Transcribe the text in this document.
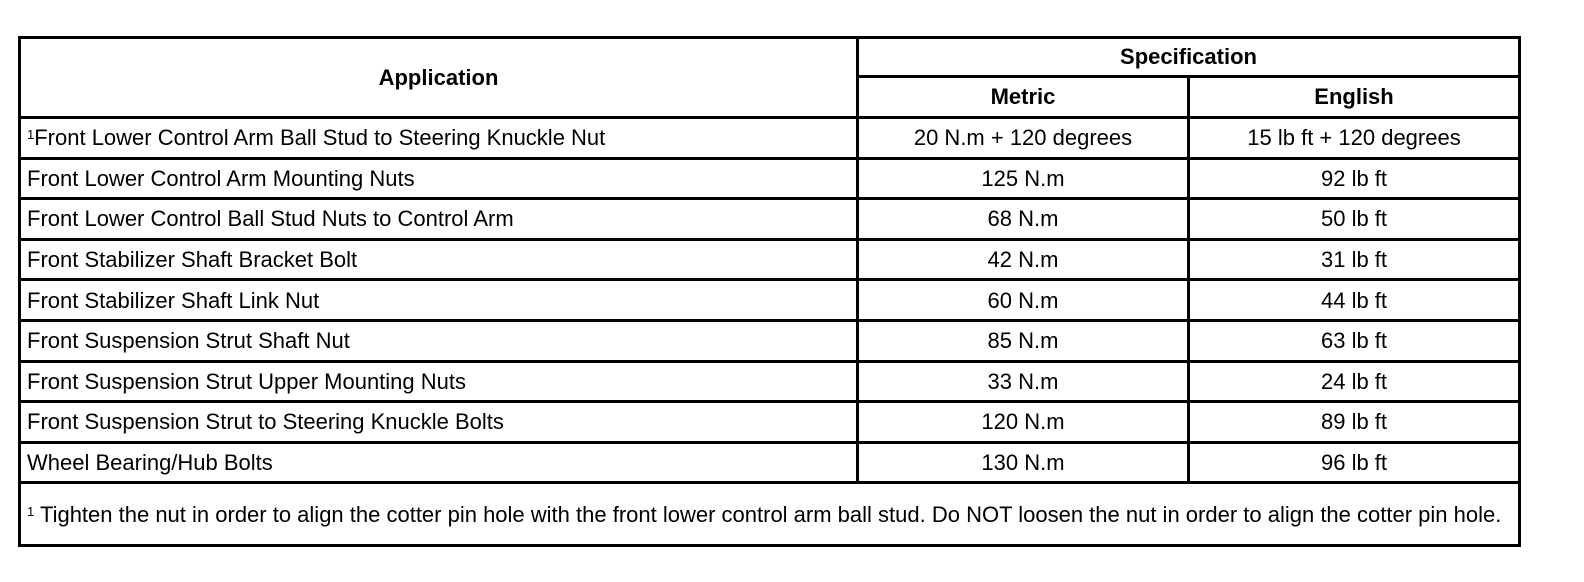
Application	Specification	
	Metric	English
$^1$Front Lower Control Arm Ball Stud to Steering Knuckle Nut	20 N.m + 120 degrees	15 lb ft + 120 degrees
Front Lower Control Arm Mounting Nuts	125 N.m	92 lb ft
Front Lower Control Ball Stud Nuts to Control Arm	68 N.m	50 lb ft
Front Stabilizer Shaft Bracket Bolt	42 N.m	31 lb ft
Front Stabilizer Shaft Link Nut	60 N.m	44 lb ft
Front Suspension Strut Shaft Nut	85 N.m	63 lb ft
Front Suspension Strut Upper Mounting Nuts	33 N.m	24 lb ft
Front Suspension Strut to Steering Knuckle Bolts	120 N.m	89 lb ft
Wheel Bearing/Hub Bolts	130 N.m	96 lb ft
$^1$ Tighten the nut in order to align the cotter pin hole with the front lower control arm ball stud. Do NOT loosen the nut in order to align the cotter pin hole.		
